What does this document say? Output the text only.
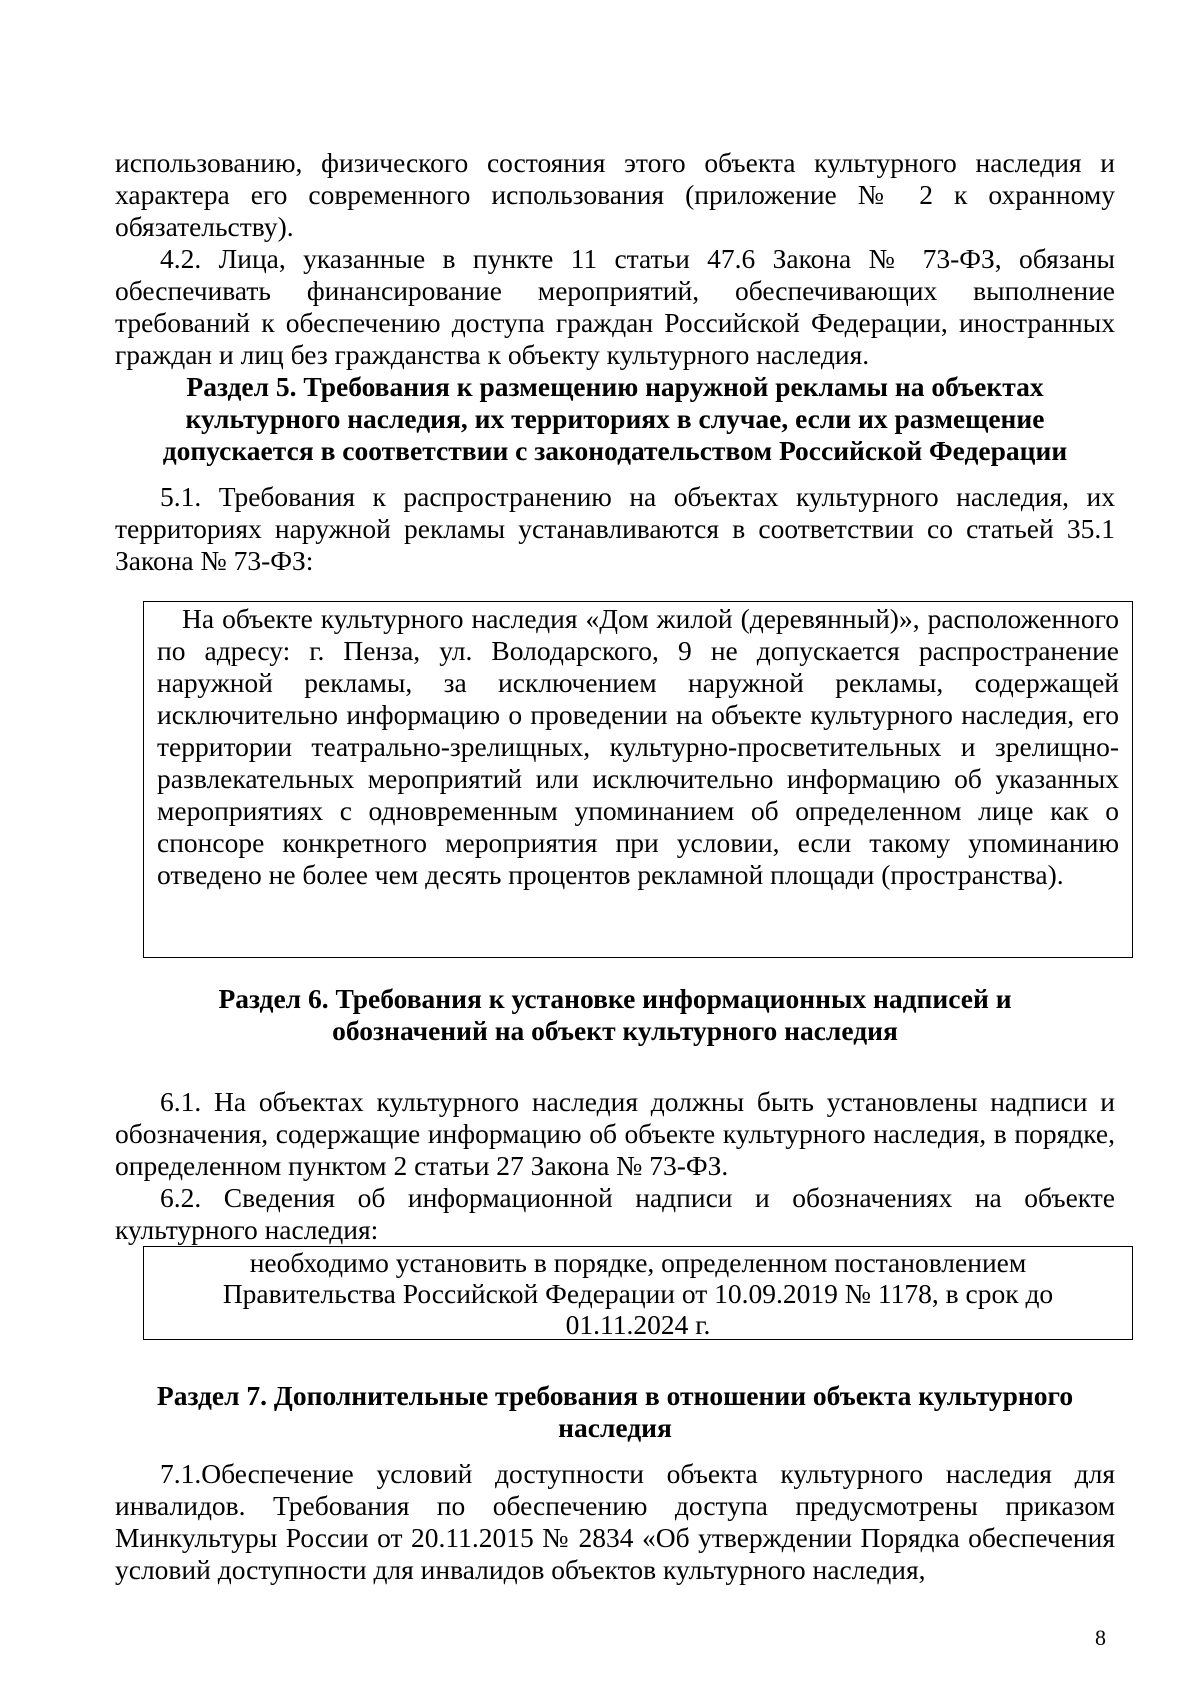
использованию, физического состояния этого объекта культурного наследия и характера его современного использования (приложение № 2 к охранному обязательству).
4.2. Лица, указанные в пункте 11 статьи 47.6 Закона № 73-ФЗ, обязаны обеспечивать финансирование мероприятий, обеспечивающих выполнение требований к обеспечению доступа граждан Российской Федерации, иностранных граждан и лиц без гражданства к объекту культурного наследия.
Раздел 5. Требования к размещению наружной рекламы на объектах культурного наследия, их территориях в случае, если их размещение допускается в соответствии с законодательством Российской Федерации
5.1. Требования к распространению на объектах культурного наследия, их территориях наружной рекламы устанавливаются в соответствии со статьей 35.1 Закона № 73-ФЗ:
На объекте культурного наследия «Дом жилой (деревянный)», расположенного по адресу: г. Пенза, ул. Володарского, 9 не допускается распространение наружной рекламы, за исключением наружной рекламы, содержащей исключительно информацию о проведении на объекте культурного наследия, его территории театрально-зрелищных, культурно-просветительных и зрелищно-развлекательных мероприятий или исключительно информацию об указанных мероприятиях с одновременным упоминанием об определенном лице как о спонсоре конкретного мероприятия при условии, если такому упоминанию отведено не более чем десять процентов рекламной площади (пространства).
Раздел 6. Требования к установке информационных надписей и
обозначений на объект культурного наследия
6.1. На объектах культурного наследия должны быть установлены надписи и обозначения, содержащие информацию об объекте культурного наследия, в порядке, определенном пунктом 2 статьи 27 Закона № 73-ФЗ.
6.2. Сведения об информационной надписи и обозначениях на объекте культурного наследия:
необходимо установить в порядке, определенном постановлением
Правительства Российской Федерации от 10.09.2019 № 1178, в срок до
01.11.2024 г.
Раздел 7. Дополнительные требования в отношении объекта культурного
наследия
7.1.Обеспечение условий доступности объекта культурного наследия для инвалидов. Требования по обеспечению доступа предусмотрены приказом Минкультуры России от 20.11.2015 № 2834 «Об утверждении Порядка обеспечения условий доступности для инвалидов объектов культурного наследия,
8
